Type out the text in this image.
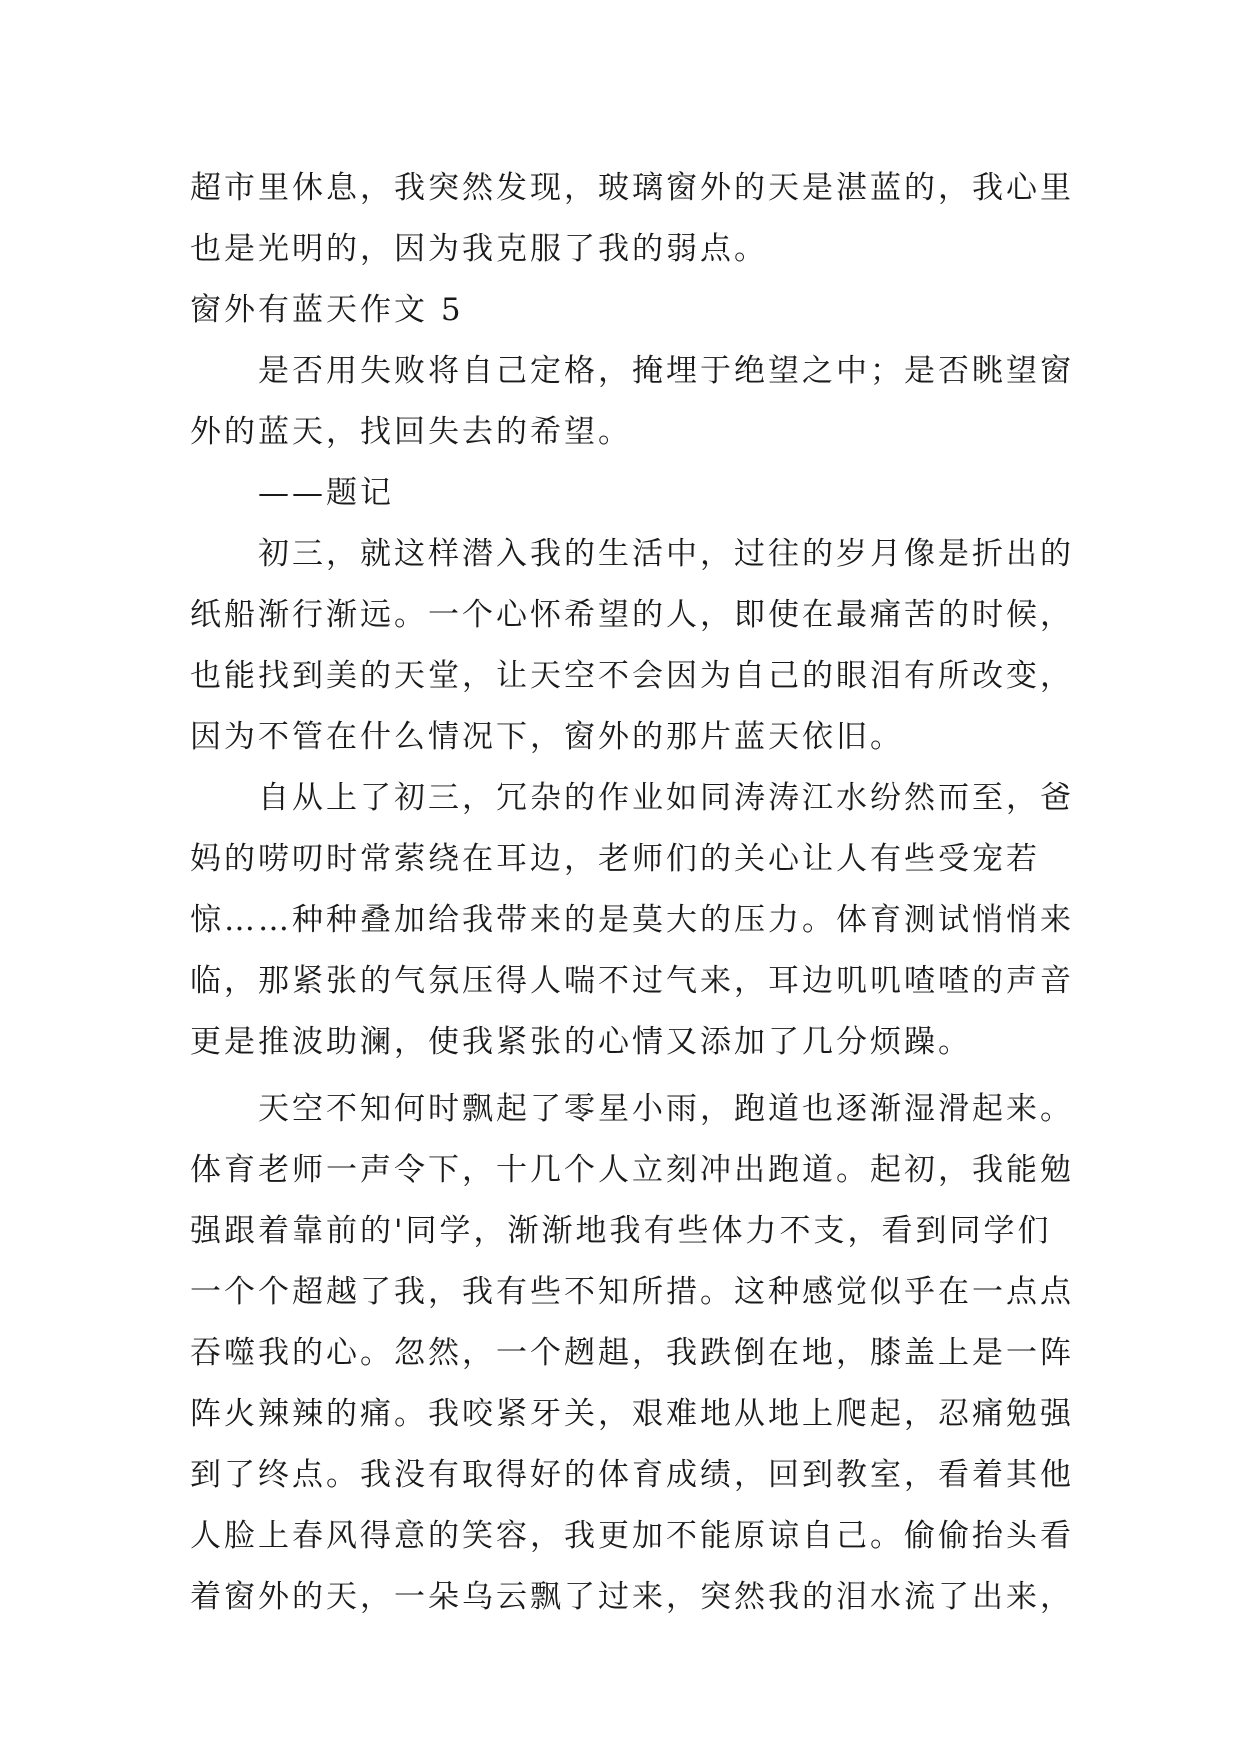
超市里休息，我突然发现，玻璃窗外的天是湛蓝的，我心里
也是光明的，因为我克服了我的弱点。
窗外有蓝天作文 5
是否用失败将自己定格，掩埋于绝望之中；是否眺望窗
外的蓝天，找回失去的希望。
——题记
初三，就这样潜入我的生活中，过往的岁月像是折出的
纸船渐行渐远。一个心怀希望的人，即使在最痛苦的时候，
也能找到美的天堂，让天空不会因为自己的眼泪有所改变，
因为不管在什么情况下，窗外的那片蓝天依旧。
自从上了初三，冗杂的作业如同涛涛江水纷然而至，爸
妈的唠叨时常萦绕在耳边，老师们的关心让人有些受宠若
惊……种种叠加给我带来的是莫大的压力。体育测试悄悄来
临，那紧张的气氛压得人喘不过气来，耳边叽叽喳喳的声音
更是推波助澜，使我紧张的心情又添加了几分烦躁。
天空不知何时飘起了零星小雨，跑道也逐渐湿滑起来。
体育老师一声令下，十几个人立刻冲出跑道。起初，我能勉
强跟着靠前的'同学，渐渐地我有些体力不支，看到同学们
一个个超越了我，我有些不知所措。这种感觉似乎在一点点
吞噬我的心。忽然，一个趔趄，我跌倒在地，膝盖上是一阵
阵火辣辣的痛。我咬紧牙关，艰难地从地上爬起，忍痛勉强
到了终点。我没有取得好的体育成绩，回到教室，看着其他
人脸上春风得意的笑容，我更加不能原谅自己。偷偷抬头看
着窗外的天，一朵乌云飘了过来，突然我的泪水流了出来，
